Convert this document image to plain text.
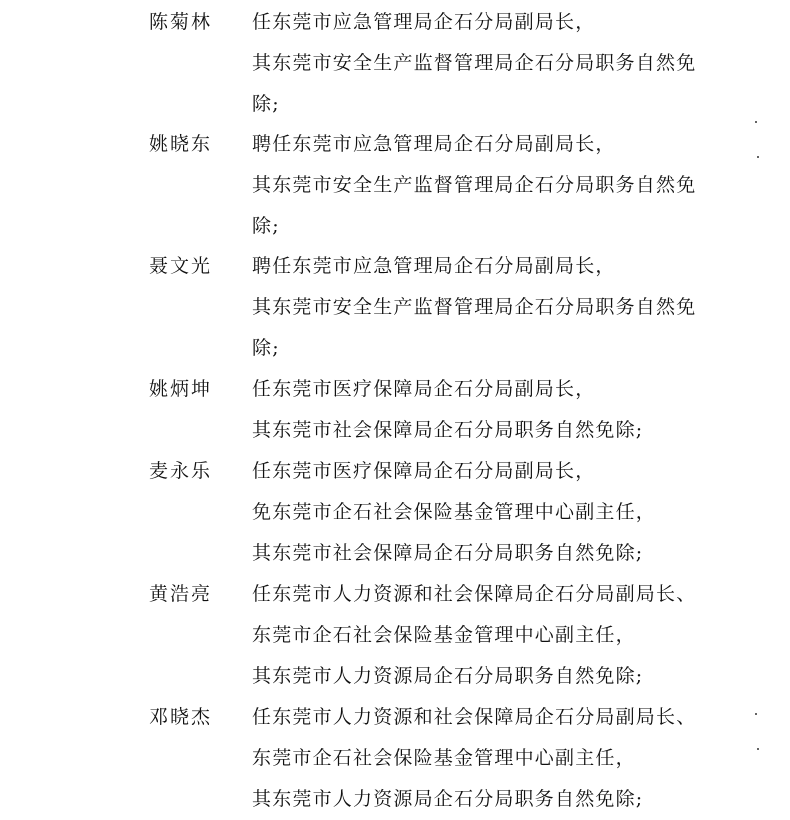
陈菊林 任东莞市应急管理局企石分局副局长，
其东莞市安全生产监督管理局企石分局职务自然免
除;
姚晓东 聘任东莞市应急管理局企石分局副局长，
其东莞市安全生产监督管理局企石分局职务自然免
除;
聂文光 聘任东莞市应急管理局企石分局副局长，
其东莞市安全生产监督管理局企石分局职务自然免
除;
姚炳坤 任东莞市医疗保障局企石分局副局长，
其东莞市社会保障局企石分局职务自然免除;
麦永乐 任东莞市医疗保障局企石分局副局长，
免东莞市企石社会保险基金管理中心副主任，
其东莞市社会保障局企石分局职务自然免除;
黄浩亮 任东莞市人力资源和社会保障局企石分局副局长、
东莞市企石社会保险基金管理中心副主任，
其东莞市人力资源局企石分局职务自然免除;
邓晓杰 任东莞市人力资源和社会保障局企石分局副局长、
东莞市企石社会保险基金管理中心副主任，
其东莞市人力资源局企石分局职务自然免除;
